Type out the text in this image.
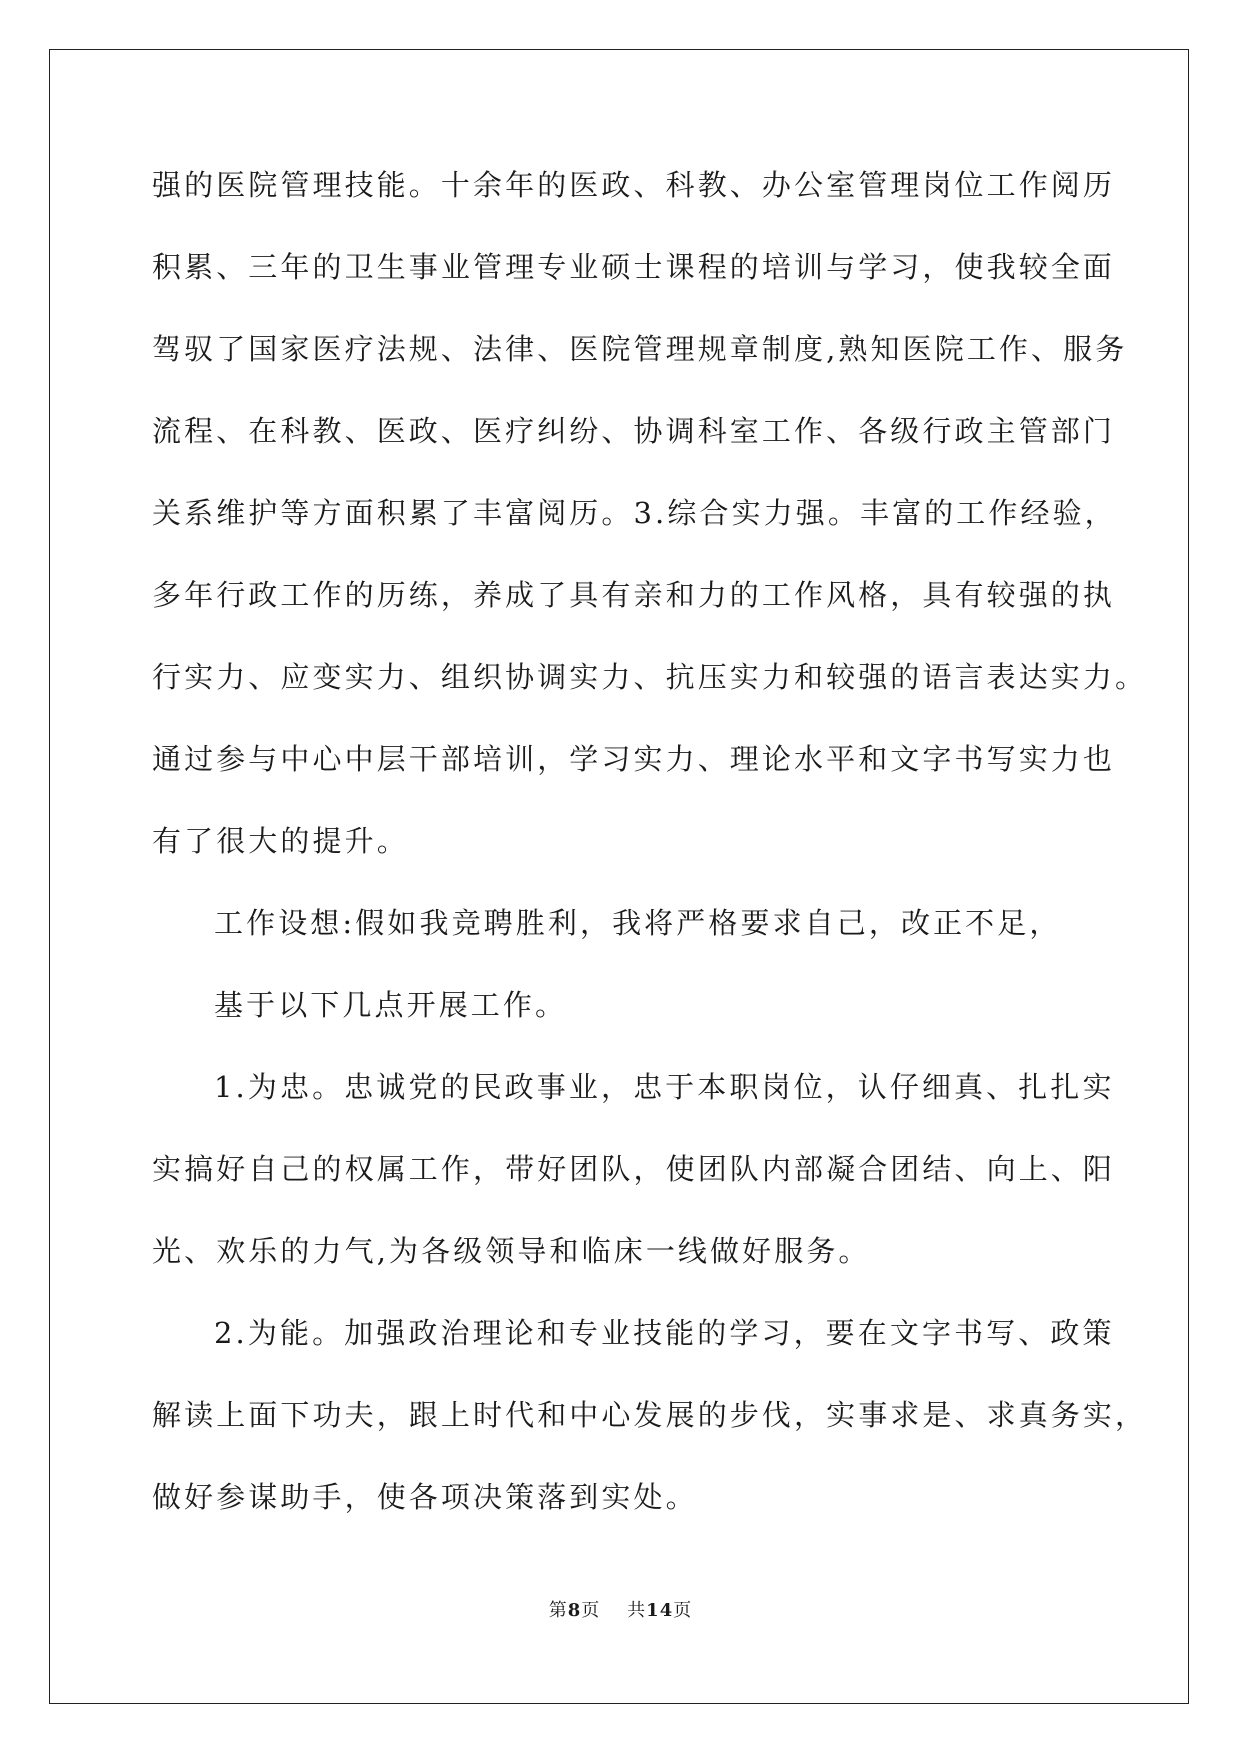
强的医院管理技能。十余年的医政、科教、办公室管理岗位工作阅历
积累、三年的卫生事业管理专业硕士课程的培训与学习，使我较全面
驾驭了国家医疗法规、法律、医院管理规章制度,熟知医院工作、服务
流程、在科教、医政、医疗纠纷、协调科室工作、各级行政主管部门
关系维护等方面积累了丰富阅历。3.综合实力强。丰富的工作经验，
多年行政工作的历练，养成了具有亲和力的工作风格，具有较强的执
行实力、应变实力、组织协调实力、抗压实力和较强的语言表达实力。
通过参与中心中层干部培训，学习实力、理论水平和文字书写实力也
有了很大的提升。
工作设想:假如我竞聘胜利，我将严格要求自己，改正不足，
基于以下几点开展工作。
1.为忠。忠诚党的民政事业，忠于本职岗位，认仔细真、扎扎实
实搞好自己的权属工作，带好团队，使团队内部凝合团结、向上、阳
光、欢乐的力气,为各级领导和临床一线做好服务。
2.为能。加强政治理论和专业技能的学习，要在文字书写、政策
解读上面下功夫，跟上时代和中心发展的步伐，实事求是、求真务实，
做好参谋助手，使各项决策落到实处。
第8页 共14页
